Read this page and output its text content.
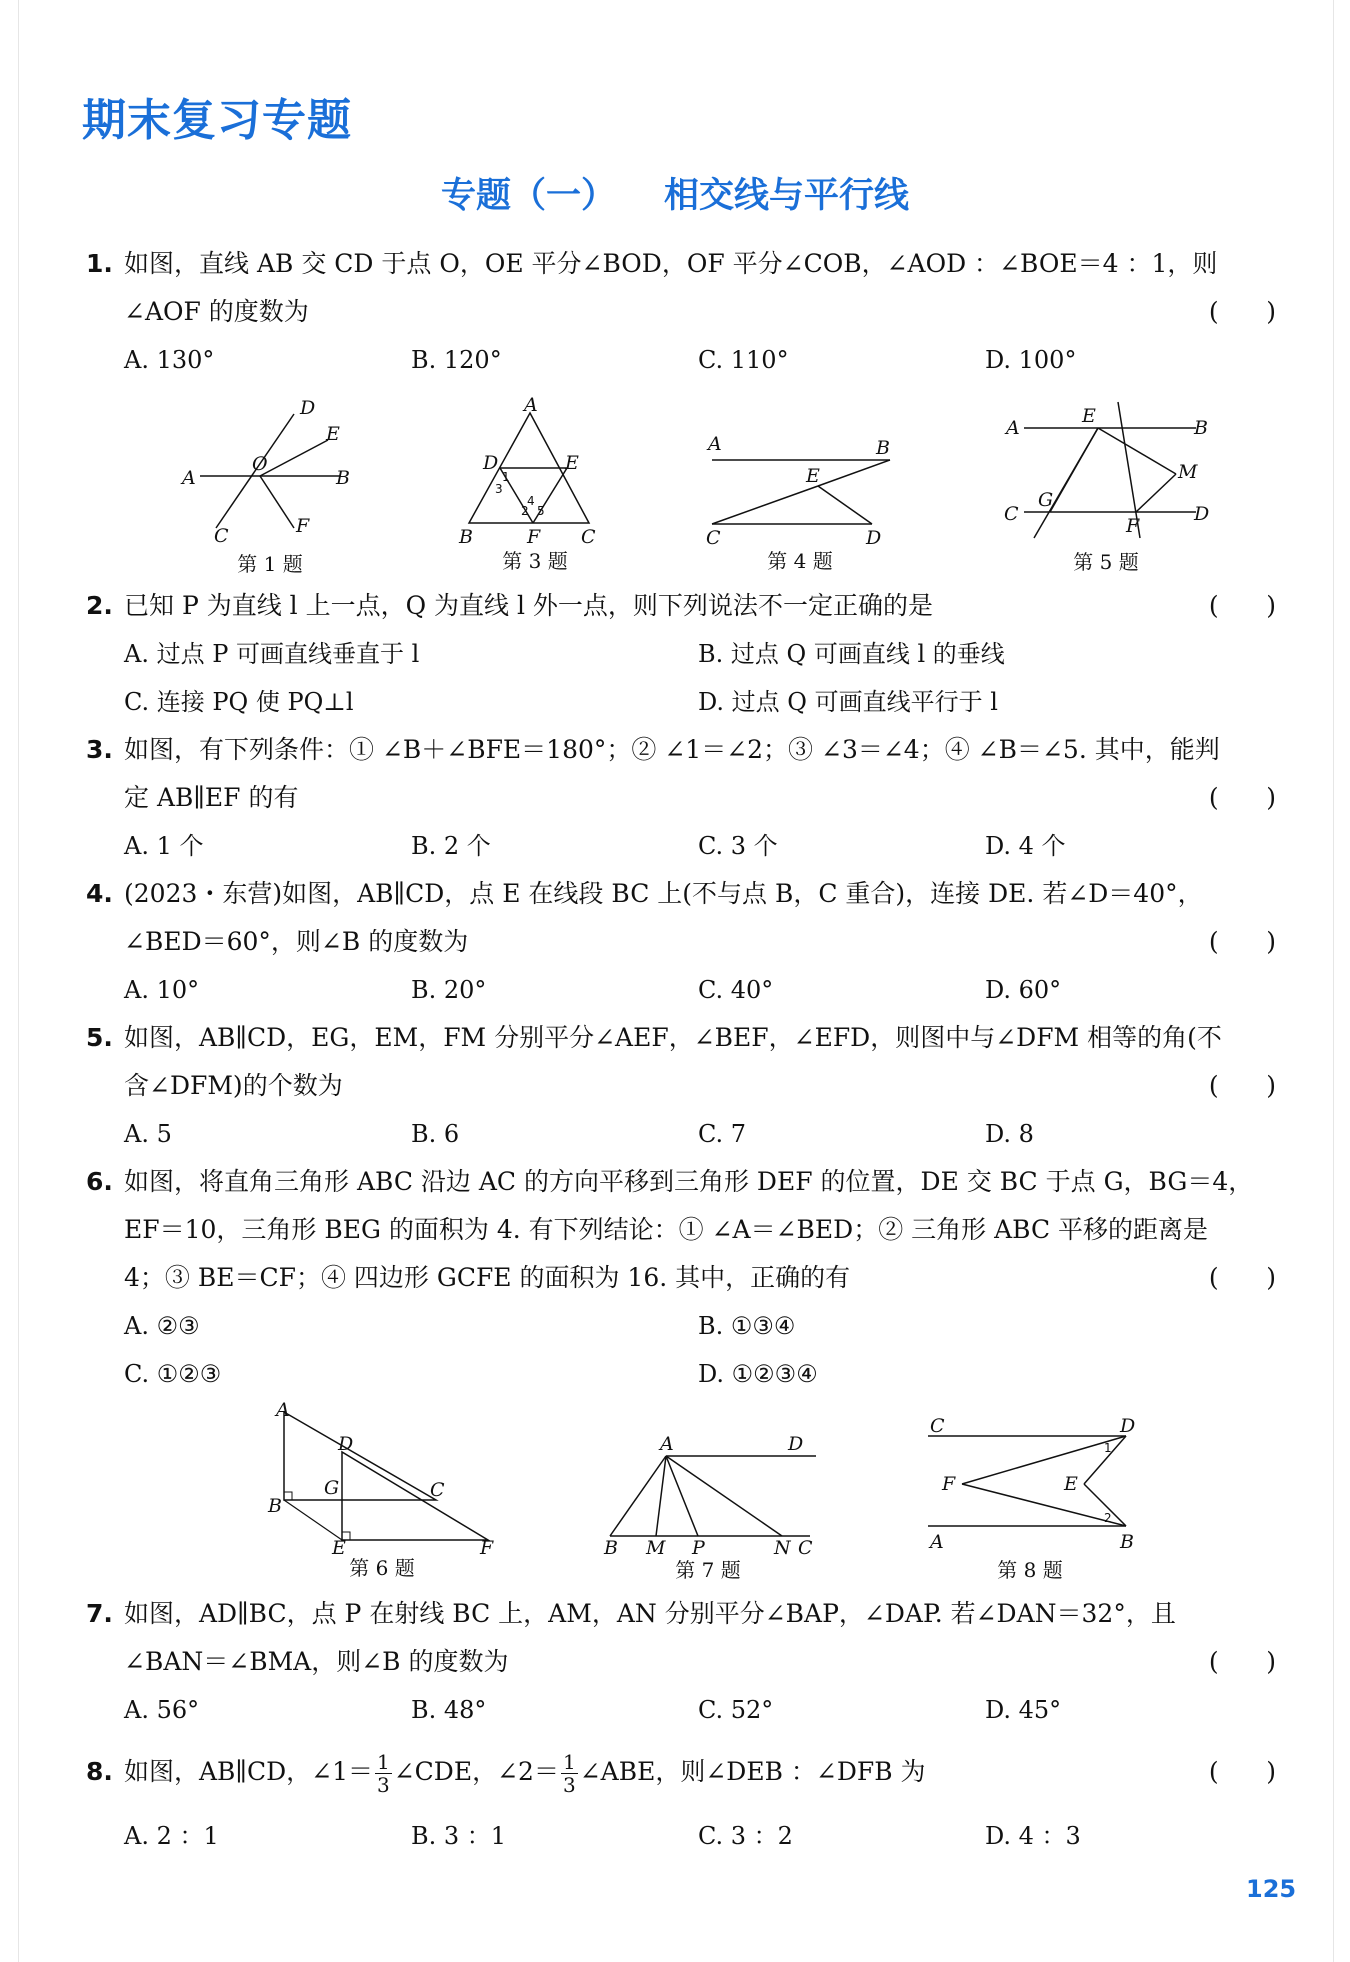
期末复习专题
专题（一） 相交线与平行线
1. 如图，直线 AB 交 CD 于点 O，OE 平分∠BOD，OF 平分∠COB，∠AOD ：∠BOE＝4 ：1，则
∠AOF 的度数为	(      )
A. 130°	B. 120°	C. 110°	D. 100°
A	B
C
D
E
F
O
第 1 题
A
B	C
D	E
F
1
2
3
4
5
第 3 题
A	B
C	D
E
第 4 题
A	B
C	D
E
F
G
M
第 5 题
2. 已知 P 为直线 l 上一点，Q 为直线 l 外一点，则下列说法不一定正确的是	(      )
A. 过点 P 可画直线垂直于 l	B. 过点 Q 可画直线 l 的垂线
C. 连接 PQ 使 PQ⊥l	D. 过点 Q 可画直线平行于 l
3. 如图，有下列条件：① ∠B＋∠BFE＝180°；② ∠1＝∠2；③ ∠3＝∠4；④ ∠B＝∠5. 其中，能判
定 AB∥EF 的有	(      )
A. 1 个	B. 2 个	C. 3 个	D. 4 个
4. (2023・东营)如图，AB∥CD，点 E 在线段 BC 上(不与点 B，C 重合)，连接 DE. 若∠D＝40°，
∠BED＝60°，则∠B 的度数为	(      )
A. 10°	B. 20°	C. 40°	D. 60°
5. 如图，AB∥CD，EG，EM，FM 分别平分∠AEF，∠BEF，∠EFD，则图中与∠DFM 相等的角(不
含∠DFM)的个数为	(      )
A. 5	B. 6	C. 7	D. 8
6. 如图，将直角三角形 ABC 沿边 AC 的方向平移到三角形 DEF 的位置，DE 交 BC 于点 G，BG＝4，
EF＝10，三角形 BEG 的面积为 4. 有下列结论：① ∠A＝∠BED；② 三角形 ABC 平移的距离是
4；③ BE＝CF；④ 四边形 GCFE 的面积为 16. 其中，正确的有	(      )
A. ②③	B. ①③④
C. ①②③	D. ①②③④
A
B
C
D
E	F
G
第 6 题
A
B	C
D
M	N
P
第 7 题
C	D
A	B
F	E
1
2
第 8 题
7. 如图，AD∥BC，点 P 在射线 BC 上，AM，AN 分别平分∠BAP，∠DAP. 若∠DAN＝32°，且
∠BAN＝∠BMA，则∠B 的度数为	(      )
A. 56°	B. 48°	C. 52°	D. 45°
8. 如图，AB∥CD，∠1＝ $\frac{1}{3}$ ∠CDE，∠2＝ $\frac{1}{3}$ ∠ABE，则∠DEB ：∠DFB 为	(      )
A. 2 ：1	B. 3 ：1	C. 3 ：2	D. 4 ：3
125
